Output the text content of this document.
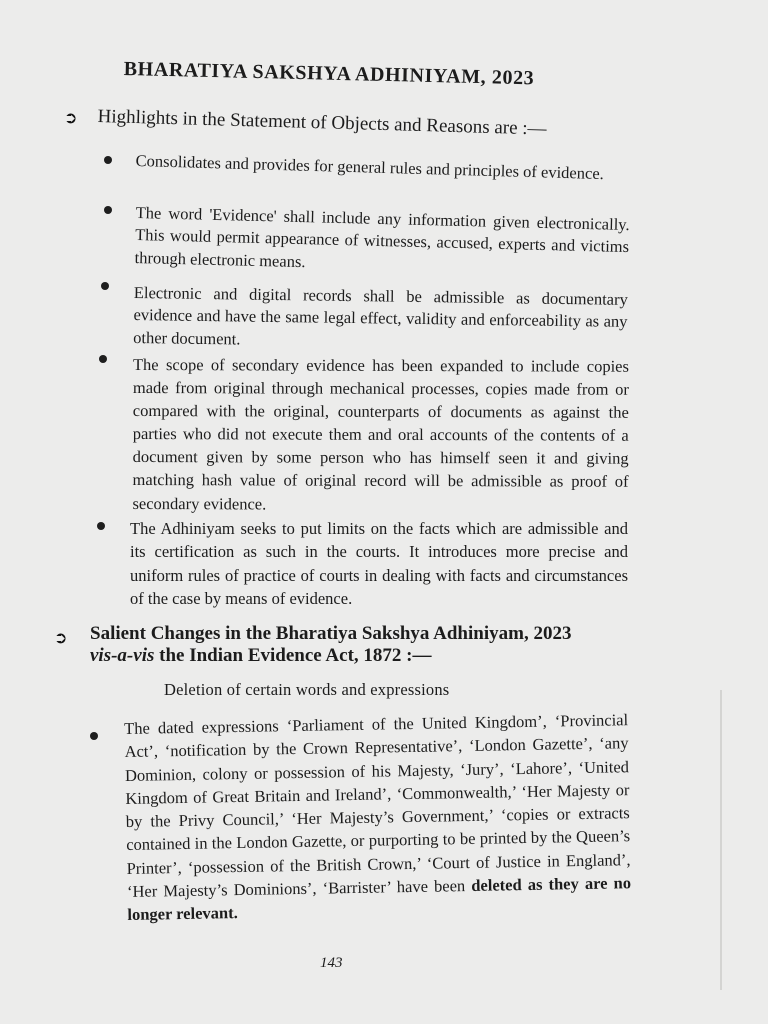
BHARATIYA SAKSHYA ADHINIYAM, 2023
➲ Highlights in the Statement of Objects and Reasons are :—
Consolidates and provides for general rules and principles of evidence.
The word 'Evidence' shall include any information given electronically. This would permit appearance of witnesses, accused, experts and victims through electronic means.
Electronic and digital records shall be admissible as documentary evidence and have the same legal effect, validity and enforceability as any other document.
The scope of secondary evidence has been expanded to include copies made from original through mechanical processes, copies made from or compared with the original, counterparts of documents as against the parties who did not execute them and oral accounts of the contents of a document given by some person who has himself seen it and giving matching hash value of original record will be admissible as proof of secondary evidence.
The Adhiniyam seeks to put limits on the facts which are admissible and its certification as such in the courts. It introduces more precise and uniform rules of practice of courts in dealing with facts and circumstances of the case by means of evidence.
➲ Salient Changes in the Bharatiya Sakshya Adhiniyam, 2023
vis-a-vis the Indian Evidence Act, 1872 :—
Deletion of certain words and expressions
The dated expressions ‘Parliament of the United Kingdom’, ‘Provincial Act’, ‘notification by the Crown Representative’, ‘London Gazette’, ‘any Dominion, colony or possession of his Majesty, ‘Jury’, ‘Lahore’, ‘United Kingdom of Great Britain and Ireland’, ‘Commonwealth,’ ‘Her Majesty or by the Privy Council,’ ‘Her Majesty’s Government,’ ‘copies or extracts contained in the London Gazette, or purporting to be printed by the Queen’s Printer’, ‘possession of the British Crown,’ ‘Court of Justice in England’, ‘Her Majesty’s Dominions’, ‘Barrister’ have been deleted as they are no longer relevant.
143
